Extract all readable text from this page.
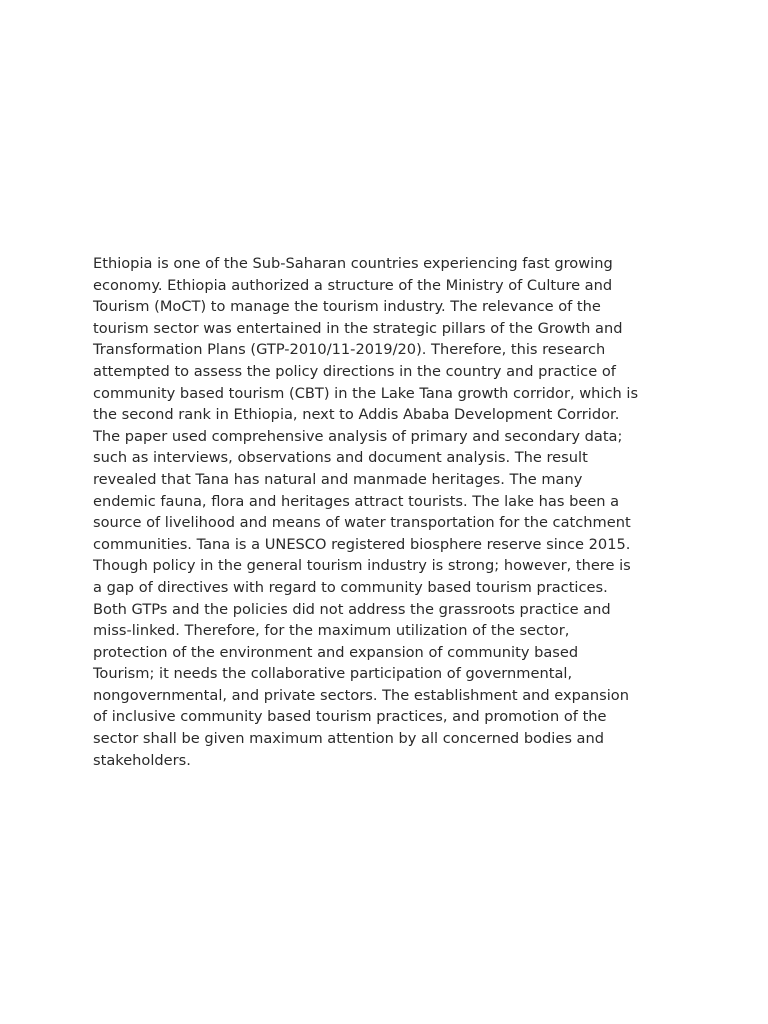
Ethiopia is one of the Sub-Saharan countries experiencing fast growing
economy. Ethiopia authorized a structure of the Ministry of Culture and
Tourism (MoCT) to manage the tourism industry. The relevance of the
tourism sector was entertained in the strategic pillars of the Growth and
Transformation Plans (GTP-2010/11-2019/20). Therefore, this research
attempted to assess the policy directions in the country and practice of
community based tourism (CBT) in the Lake Tana growth corridor, which is
the second rank in Ethiopia, next to Addis Ababa Development Corridor.
The paper used comprehensive analysis of primary and secondary data;
such as interviews, observations and document analysis. The result
revealed that Tana has natural and manmade heritages. The many
endemic fauna, flora and heritages attract tourists. The lake has been a
source of livelihood and means of water transportation for the catchment
communities. Tana is a UNESCO registered biosphere reserve since 2015.
Though policy in the general tourism industry is strong; however, there is
a gap of directives with regard to community based tourism practices.
Both GTPs and the policies did not address the grassroots practice and
miss-linked. Therefore, for the maximum utilization of the sector,
protection of the environment and expansion of community based
Tourism; it needs the collaborative participation of governmental,
nongovernmental, and private sectors. The establishment and expansion
of inclusive community based tourism practices, and promotion of the
sector shall be given maximum attention by all concerned bodies and
stakeholders.
